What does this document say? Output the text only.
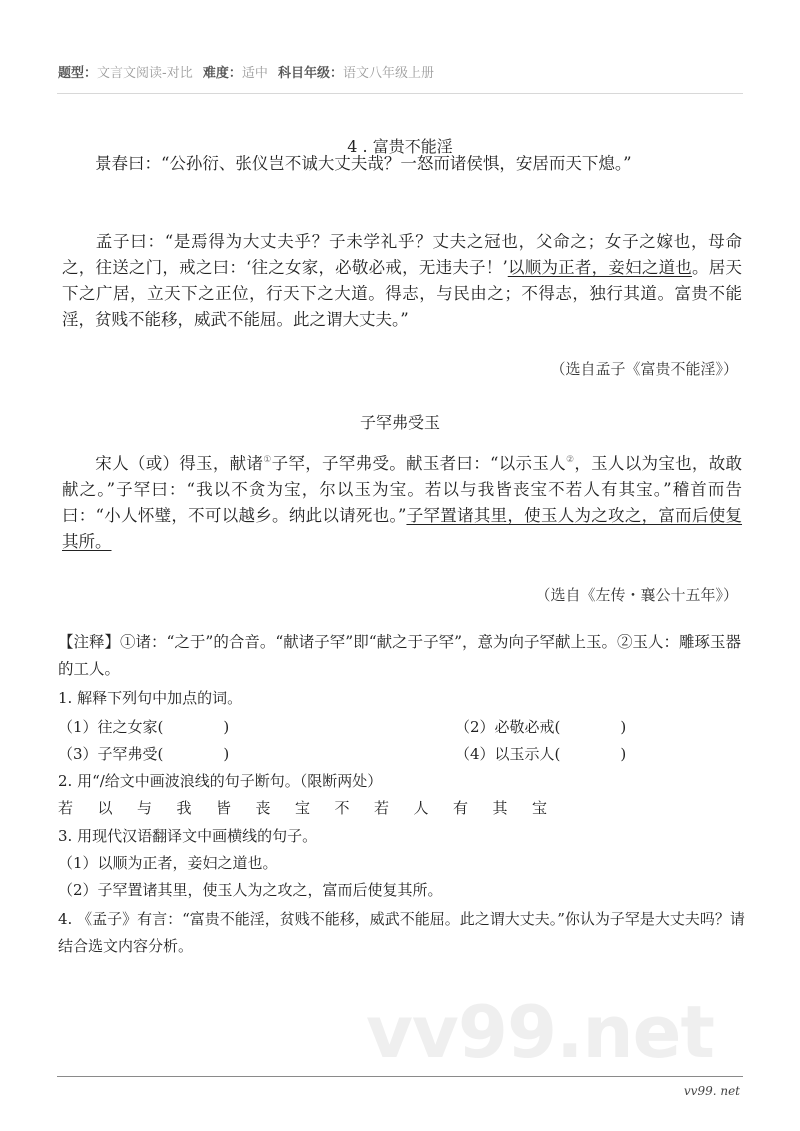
题型：文言文阅读-对比 难度：适中 科目年级：语文八年级上册
4 . 富贵不能淫
景春曰：“公孙衍、张仪岂不诚大丈夫哉？一怒而诸侯惧，安居而天下熄。”
孟子曰：“是焉得为大丈夫乎？子未学礼乎？丈夫之冠也，父命之；女子之嫁也，母命之，往送之门，戒之曰：‘往之女家，必敬必戒，无违夫子！’以顺为正者，妾妇之道也。居天下之广居，立天下之正位，行天下之大道。得志，与民由之；不得志，独行其道。富贵不能淫，贫贱不能移，威武不能屈。此之谓大丈夫。”
（选自孟子《富贵不能淫》）
子罕弗受玉
宋人（或）得玉，献诸①子罕，子罕弗受。献玉者曰：“以示玉人②，玉人以为宝也，故敢献之。”子罕曰：“我以不贪为宝，尔以玉为宝。若以与我皆丧宝不若人有其宝。”稽首而告曰：“小人怀璧，不可以越乡。纳此以请死也。”子罕置诸其里，使玉人为之攻之，富而后使复其所。
（选自《左传・襄公十五年》）
【注释】①诸：“之于”的合音。“献诸子罕”即“献之于子罕”，意为向子罕献上玉。②玉人：雕琢玉器的工人。
1. 解释下列句中加点的词。
（1）往之女家(　　　　)	（2）必敬必戒(　　　　)
（3）子罕弗受(　　　　)	（4）以玉示人(　　　　)
2. 用“/给文中画波浪线的句子断句。（限断两处）
若 以 与 我 皆 丧 宝 不 若 人 有 其 宝
3. 用现代汉语翻译文中画横线的句子。
（1）以顺为正者，妾妇之道也。
（2）子罕置诸其里，使玉人为之攻之，富而后使复其所。
4. 《孟子》有言：“富贵不能淫，贫贱不能移，威武不能屈。此之谓大丈夫。”你认为子罕是大丈夫吗？请结合选文内容分析。
vv99.net
vv99. net
